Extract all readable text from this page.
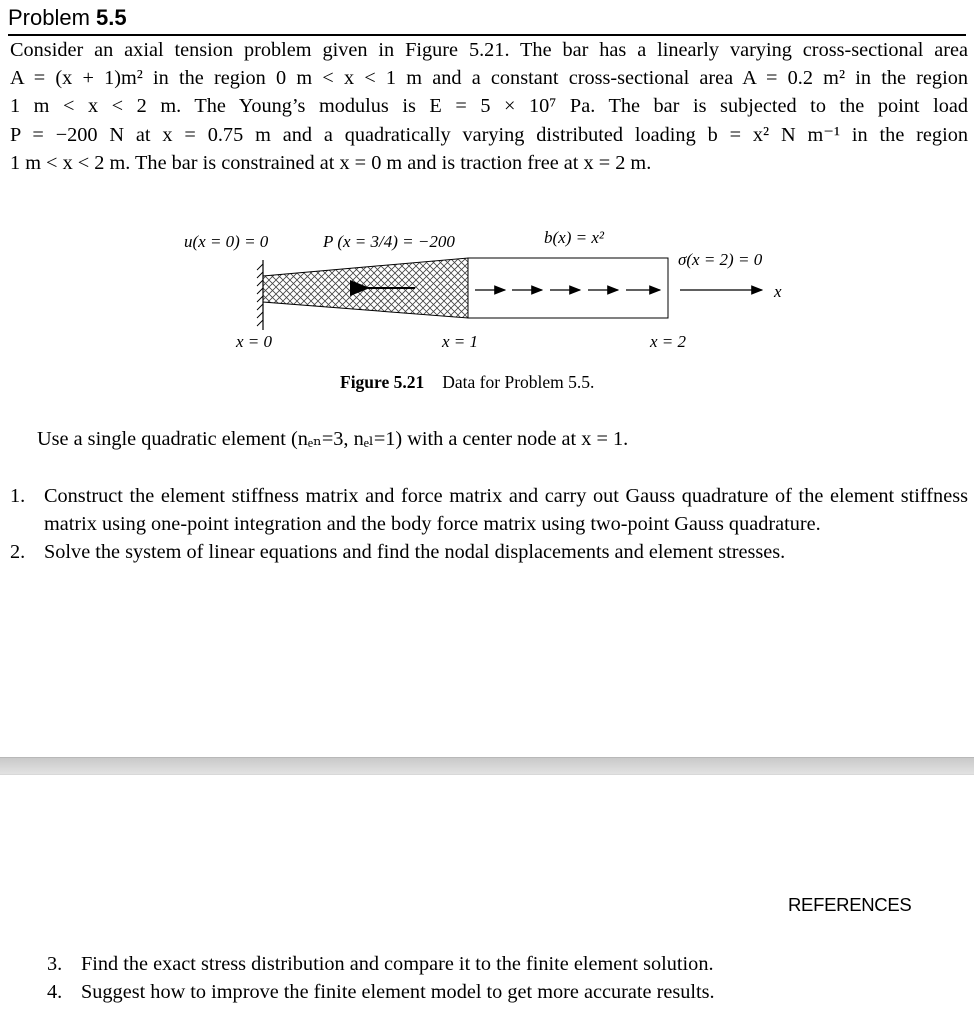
Problem 5.5
Consider an axial tension problem given in Figure 5.21. The bar has a linearly varying cross-sectional area
A = (x + 1)m² in the region 0 m < x < 1 m and a constant cross-sectional area A = 0.2 m² in the region
1 m < x < 2 m. The Young’s modulus is E = 5 × 10⁷ Pa. The bar is subjected to the point load
P = −200 N at x = 0.75 m and a quadratically varying distributed loading b = x² N m⁻¹ in the region
1 m < x < 2 m. The bar is constrained at x = 0 m and is traction free at x = 2 m.
u(x = 0) = 0	P (x = 3/4) = −200	b(x) = x²
σ(x = 2) = 0
x
x = 0	x = 1	x = 2
Figure 5.21 Data for Problem 5.5.
Use a single quadratic element (nₑₙ=3, nₑₗ=1) with a center node at x = 1.
1. Construct the element stiffness matrix and force matrix and carry out Gauss quadrature of the element stiffness matrix using one-point integration and the body force matrix using two-point Gauss quadrature.
2. Solve the system of linear equations and find the nodal displacements and element stresses.
REFERENCES
3. Find the exact stress distribution and compare it to the finite element solution.
4. Suggest how to improve the finite element model to get more accurate results.
